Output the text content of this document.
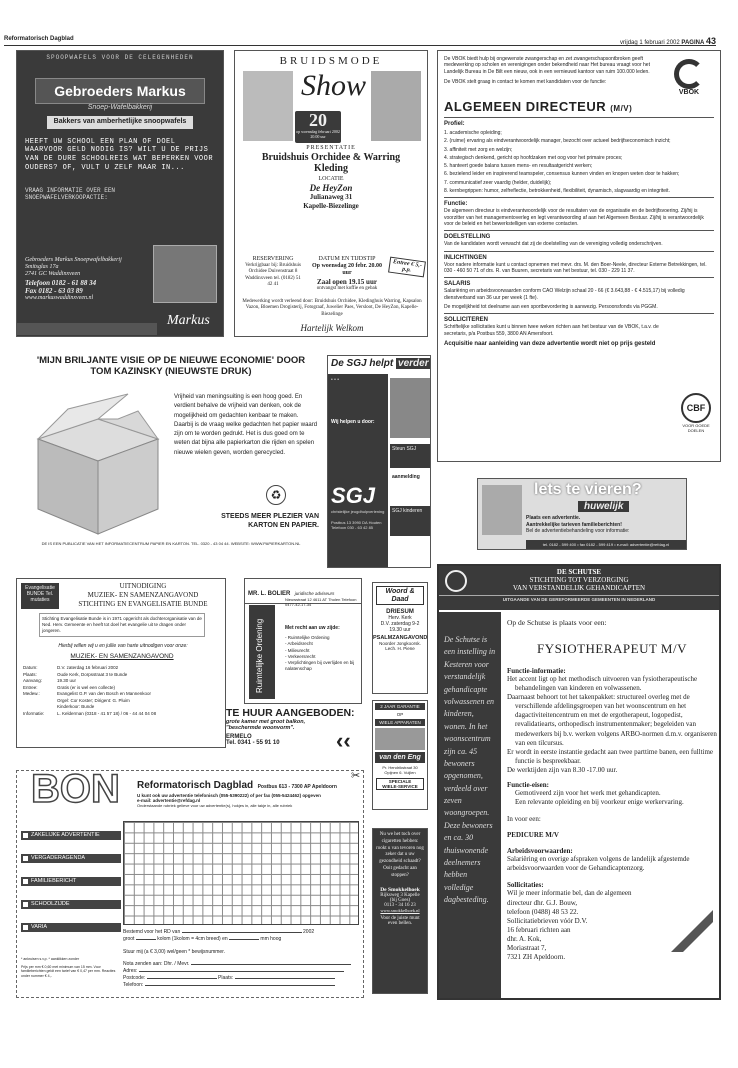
Reformatorisch Dagblad
vrijdag 1 februari 2002 PAGINA 43
SPOOPWAFELS VOOR DE CELEGENHEDEN
Gebroeders Markus
Snoep-Wafelbakkerij
Bakkers van amberhetlijke snoopwafels
HEEFT UW SCHOOL EEN PLAN OF DOEL WAARVOOR GELD NODIG IS? WILT U DE PRIJS VAN DE DURE SCHOOLREIS WAT BEPERKEN VOOR OUDERS? OF, VULT U ZELF MAAR IN...
VRAAG INFORMATIE OVER EEN SNOEPWAFELVERKOOPACTIE:
Gebroeders Markus Snoepwafelbakkerij
Smitsglas 17a
2741 GC Waddinxveen
Telefoon 0182 - 61 88 34
Fax 0182 - 63 03 89
www.markuswaddinxveen.nl
Markus
BRUIDSMODE
Show
20
op woensdag februari 2002 20.00 uur
PRESENTATIE
Bruidshuis Orchidee & Warring Kleding
LOCATIE
De HeyZon
Julianaweg 31
Kapelle-Biezelinge
RESERVERING
Verkrijgbaar bij: Bruidshuis Orchidee Duivenstraat 8 Waddinxveen tel. (0182) 51 42 41
DATUM EN TIJDSTIP
Op woensdag 20 febr. 20.00 uur
Zaal open 19.15 uur
ontvangst met koffie en gebak
Entree € 5,- p.p.
Medewerking wordt verleend door: Bruidshuis Orchidee, Kledinghuis Warring, Kapsalon Vazon, Bloemen Drogisterij, Fotograaf, Juwelier Paes, Versloot, De HeyZon, Kapelle-Biezelinge
Hartelijk Welkom
De VBOK biedt hulp bij ongewenste zwangerschap en zet zwangerschapsontbroken geeft medewerking op scholen en verenigingen onder bekendheid naar Het bureau vraagt voor het Landelijk Bureau in De Bilt een nieuw, ook in een vernieuwd kantoor van ruim 100.000 leden.
De VBOK stelt graag in contact te komen met kandidaten voor de functie:
VBOK
ALGEMEEN DIRECTEUR (M/V)
Profiel:
1. academische opleiding;
2. (ruime) ervaring als eindverantwoordelijk manager, bezocht over actueel bedrijfseconomisch inzicht;
3. affiniteit met zorg en welzijn;
4. strategisch denkend, gericht op hoofdzaken met oog voor het primaire proces;
5. hanteert goede balans tussen mens- en resultaatgericht werken;
6. bezielend leider en inspirerend teamspeler, consensus kunnen vinden en knopen weten door te hakken;
7. communicatief zeer vaardig (helder, duidelijk);
8. kernbegrippen: humor, zelfreflectie, betrokkenheid, flexibiliteit, dynamisch, slagvaardig en integriteit.
Functie:
De algemeen directeur is eindverantwoordelijk voor de resultaten van de organisatie en de bedrijfsvoering. Zij/hij is voorzitter van het managementoverleg en legt verantwoording af aan het Algemeen Bestuur. Zij/hij is verantwoordelijk voor de beleid en het bewerkstelligen van externe contacten.
DOELSTELLING
Van de kandidaten wordt verwacht dat zij de doelstelling van de vereniging volledig onderschrijven.
INLICHTINGEN
Voor nadere informatie kunt u contact opnemen met mevr. drs. M. den Boer-Neele, directeur Externe Betrekkingen, tel. 030 - 460 50 71 of drs. R. van Buuren, secretaris van het bestuur, tel. 030 - 229 11 37.
SALARIS
Salariëring en arbeidsvoorwaarden conform CAO Welzijn schaal 20 - 66 (€ 3.643,88 - € 4.515,17) bij volledig dienstverband van 36 uur per week (1 fte).
De mogelijkheid tot deelname aan een sportbevordering is aanwezig. Persoonsfonds via PGGM.
SOLLICITEREN
Schriftelijke sollicitaties kunt u binnen twee weken richten aan het bestuur van de VBOK, t.a.v. de secretaris, p/a Postbus 559, 3800 AN Amersfoort.
Acquisitie naar aanleiding van deze advertentie wordt niet op prijs gesteld
CBF
VOOR GOEDE DOELEN
'MIJN BRILJANTE VISIE OP DE NIEUWE ECONOMIE' DOOR TOM KAZINSKY (NIEUWSTE DRUK)
Vrijheid van meningsuiting is een hoog goed. En verdient behalve de vrijheid van denken, ook de mogelijkheid om gedachten kenbaar te maken. Daarbij is de vraag welke gedachten het papier waard zijn om te worden gedrukt. Het is dus goed om te weten dat bijna alle papierkarton die rijden en spelen nieuwe wielen geven, worden gerecycled.
♻
STEEDS MEER PLEZIER VAN KARTON EN PAPIER.
DE IS EEN PUBLICATIE VAN HET INFORMATIECENTRUM PAPIER EN KARTON. TEL. 0320 - 43 04 44. WEBSITE: WWW.PAPIERKARTON.NL
De SGJ helpt verder
• • •
Wij helpen u door:
SGJ
christelijke jeugdhulpverlening
Postbus 13 3990 DA Houten Telefoon 030 - 63 42 85
Steun SGJ
aanmelding
SGJ kinderen
lets te vieren?
huwelijk
Plaats een advertentie.
Aantrekkelijke tarieven familieberichten!
Bel de advertentiebehandeling voor informatie:
tel. 0182 - 599 400 • fax 0182 - 599 419 • e-mail: advertentie@refdag.nl
Evangelisatie BUNDE Tel. mutaties
UITNODIGING
MUZIEK- EN SAMENZANGAVOND
STICHTING EN EVANGELISATIE BUNDE
Stichting Evangelisatie Bunde is in 1971 opgericht als dochterorganisatie van de Ned. Herv. Gemeente en heeft tot doel het evangelie uit te dragen onder jongeren.
Hierbij willen wij u en jullie van harte uitnodigen voor onze:
MUZIEK- EN SAMENZANGAVOND
Datum:	D.V. zaterdag 16 februari 2002
Plaats:	Oude Kerk, Dorpsstraat 3 te Bunde
Aanvang:	19.30 uur
Entree:	Gratis (er is wel een collecte)
Medew.:	Evangelist G.P. van den Bosch en Mannenkoor
Orgel: Cor Koster; Dirigent: G. Pluim
Kinderkoor: Bunde
Informatie:	L. Kelderman (0318 - 41 57 18) / 06 - 44 44 04 08
MR. L. BOLIER juridische adviseurs
Ruimtelijke Ordening
Nieuwstraat 12 4611 AT Tholen Telefoon 0477-42-17-34
Met recht aan uw zijde:
- Ruimtelijke Ordening
- Arbeidsrecht
- Milieurecht
- Verkeersrecht
- Verplichtingen bij overlijden en bij nalatenschap
Woord & Daad
DRIESUM
Herv. Kerk
D.V. zaterdag 9-2
19.30 uur
PSALMZANGAVOND
Noorder Jongkoorsk.
Lech. H. Piene
TE HUUR AANGEBODEN:
grote kamer met groot balkon, "beschermde woonvorm".
ERMELO
Tel. 0341 - 55 91 10	‹‹
2 JAAR GARANTIE
OP
WIELE APPARATEN
van den Eng
Pr. Hendrikstraat 30 Opijnen 6. Vuijlen
SPECIALE
WIELE-SERVICE
Nu we het toch over cigaretten hebben: rookt u van tevoren nog zeker dat u uw gezondheid schaadt? Ooit gedacht aan stoppen?
De Smokkelhoek
Rijksweg 3 Kapelle
(bij Goes)
0113 - 34 16 23
www.smokkelhoek.nl
Voor de juiste munt even bellen.
✂
BON Reformatorisch Dagblad Postbus 613 - 7300 AP Apeldoorn
U kunt ook uw advertentie telefonisch (055-5390222) of per fax (055-5424462) opgeven
e-mail: advertentie@refdag.nl
Onderstaande rubriek gelieve voor uw advertentie(s), hokjes in, alle takje in, alle rubriek
ZAKELIJKE ADVERTENTIE
VERGADERAGENDA
FAMILIEBERICHT
SCHOOLZIJDE
VARIA
* ankruisen s.v.p. * aanklikken zonder
Prijs per mm € 0,60 met minimum van 15 mm. Voor familieberichten geldt een tarief van € 0,47 per mm. Reacties onder nummer € 4,-
Bestemd voor het RD van	2002
groot	kolom (1kolom = 4cm breed) en	mm hoog
Stuur mij (a € 3,00) wel/geen * bewijsnummer.
Nota zenden aan: Dhr. / Mevr.
Adres:
Postcode:	Plaats:
Telefoon:
DE SCHUTSE
STICHTING TOT VERZORGING
VAN VERSTANDELIJK GEHANDICAPTEN
UITGAANDE VAN DE GEREFORMEERDE GEMEENTEN IN NEDERLAND
De Schutse is een instelling in Kesteren voor verstandelijk gehandicapte volwassenen en kinderen, wonen. In het woonscentrum zijn ca. 45 bewoners opgenomen, verdeeld over zeven woongroepen. Deze bewoners en ca. 30 thuiswonende deelnemers hebben volledige dagbesteding.
Op de Schutse is plaats voor een:
FYSIOTHERAPEUT M/V
Functie-informatie:
Het accent ligt op het methodisch uitvoeren van fysiotherapeutische behandelingen van kinderen en volwassenen.
Daarnaast behoort tot het takenpakket: structureel overleg met de verschillende afdelingsgroepen van het woonscentrum en het dagactiviteitencentrum en met de ergotherapeut, logopedist, revalidatiearts, orthopedisch instrumentenmaker; begeleiden van medewerkers bij b.v. werken volgens ARBO-normen d.m.v. organiseren van een tilcursus.
Er wordt in eerste instantie gedacht aan twee parttime banen, een fulltime functie is bespreekbaar.
De werktijden zijn van 8.30 -17.00 uur.
Functie-eisen:
Gemotiveerd zijn voor het werk met gehandicapten.
Een relevante opleiding en bij voorkeur enige werkervaring.
In voor een:
PEDICURE M/V
Arbeidsvoorwaarden:
Salariëring en overige afspraken volgens de landelijk afgestemde arbeidsvoorwaarden voor de Gehandicaptenzorg.
Sollicitaties:
Wil je meer informatie bel, dan de algemeen
directeur dhr. G.J. Bouw,
telefoon (0488) 48 53 22.
Sollicitatiebrieven vóór D.V.
16 februari richten aan
dhr. A. Kok,
Moriastraat 7,
7321 ZH Apeldoorn.
